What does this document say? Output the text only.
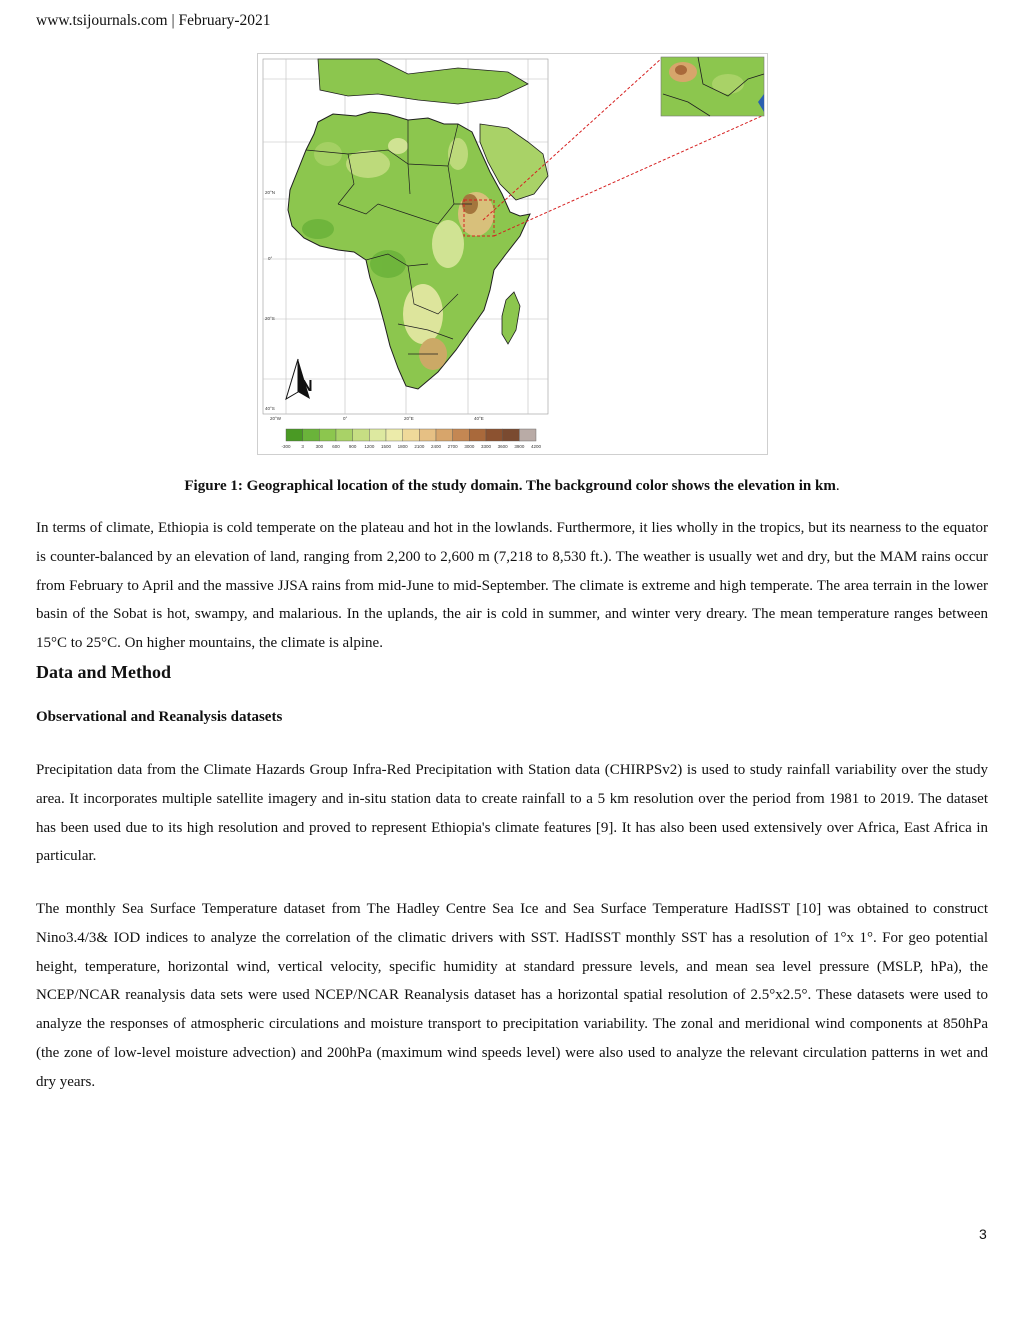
www.tsijournals.com | February-2021
20°N
0°
20°S
40°S
20°W	0°	20°E	40°E
N
-300 3	300 600 900 1200 1500 1800 2100 2400 2700 3000 3300 3600 3900 4200
Figure 1: Geographical location of the study domain. The background color shows the elevation in km.

In terms of climate, Ethiopia is cold temperate on the plateau and hot in the lowlands. Furthermore, it lies wholly in the tropics, but its nearness to the equator is counter-balanced by an elevation of land, ranging from 2,200 to 2,600 m (7,218 to 8,530 ft.). The weather is usually wet and dry, but the MAM rains occur from February to April and the massive JJSA rains from mid-June to mid-September. The climate is extreme and high temperate. The area terrain in the lower basin of the Sobat is hot, swampy, and malarious. In the uplands, the air is cold in summer, and winter very dreary. The mean temperature ranges between 15°C to 25°C. On higher mountains, the climate is alpine.

Data and Method
Observational and Reanalysis datasets

Precipitation data from the Climate Hazards Group Infra-Red Precipitation with Station data (CHIRPSv2) is used to study rainfall variability over the study area. It incorporates multiple satellite imagery and in-situ station data to create rainfall to a 5 km resolution over the period from 1981 to 2019. The dataset has been used due to its high resolution and proved to represent Ethiopia's climate features [9]. It has also been used extensively over Africa, East Africa in particular.

The monthly Sea Surface Temperature dataset from The Hadley Centre Sea Ice and Sea Surface Temperature HadISST [10] was obtained to construct Nino3.4/3& IOD indices to analyze the correlation of the climatic drivers with SST. HadISST monthly SST has a resolution of 1°x 1°. For geo potential height, temperature, horizontal wind, vertical velocity, specific humidity at standard pressure levels, and mean sea level pressure (MSLP, hPa), the NCEP/NCAR reanalysis data sets were used NCEP/NCAR Reanalysis dataset has a horizontal spatial resolution of 2.5°x2.5°. These datasets were used to analyze the responses of atmospheric circulations and moisture transport to precipitation variability. The zonal and meridional wind components at 850hPa (the zone of low-level moisture advection) and 200hPa (maximum wind speeds level) were also used to analyze the relevant circulation patterns in wet and dry years.

3
